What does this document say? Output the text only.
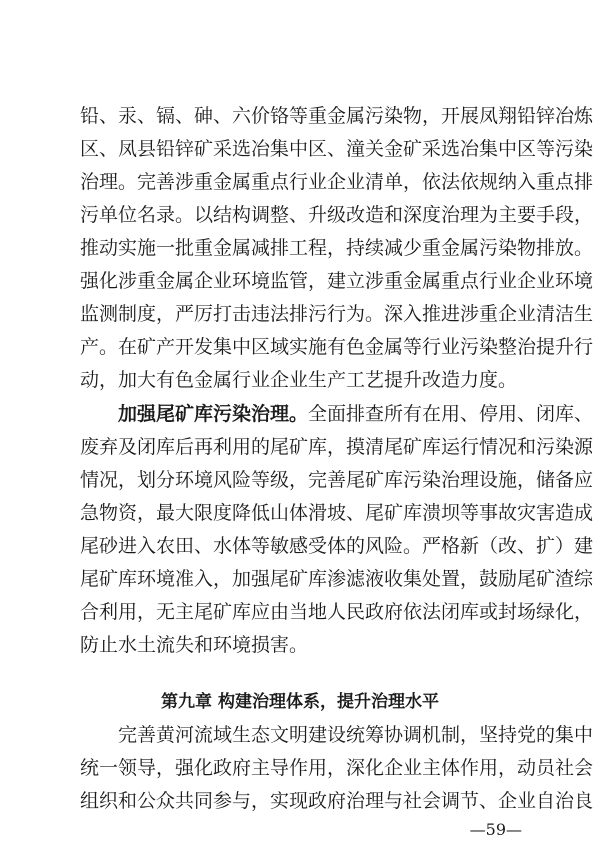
铅、汞、镉、砷、六价铬等重金属污染物，开展凤翔铅锌冶炼
区、凤县铅锌矿采选冶集中区、潼关金矿采选冶集中区等污染
治理。完善涉重金属重点行业企业清单，依法依规纳入重点排
污单位名录。以结构调整、升级改造和深度治理为主要手段，
推动实施一批重金属减排工程，持续减少重金属污染物排放。
强化涉重金属企业环境监管，建立涉重金属重点行业企业环境
监测制度，严厉打击违法排污行为。深入推进涉重企业清洁生
产。在矿产开发集中区域实施有色金属等行业污染整治提升行
动，加大有色金属行业企业生产工艺提升改造力度。
加强尾矿库污染治理。全面排查所有在用、停用、闭库、
废弃及闭库后再利用的尾矿库，摸清尾矿库运行情况和污染源
情况，划分环境风险等级，完善尾矿库污染治理设施，储备应
急物资，最大限度降低山体滑坡、尾矿库溃坝等事故灾害造成
尾砂进入农田、水体等敏感受体的风险。严格新（改、扩）建
尾矿库环境准入，加强尾矿库渗滤液收集处置，鼓励尾矿渣综
合利用，无主尾矿库应由当地人民政府依法闭库或封场绿化，
防止水土流失和环境损害。
第九章 构建治理体系，提升治理水平
完善黄河流域生态文明建设统筹协调机制，坚持党的集中
统一领导，强化政府主导作用，深化企业主体作用，动员社会
组织和公众共同参与，实现政府治理与社会调节、企业自治良
—59—
